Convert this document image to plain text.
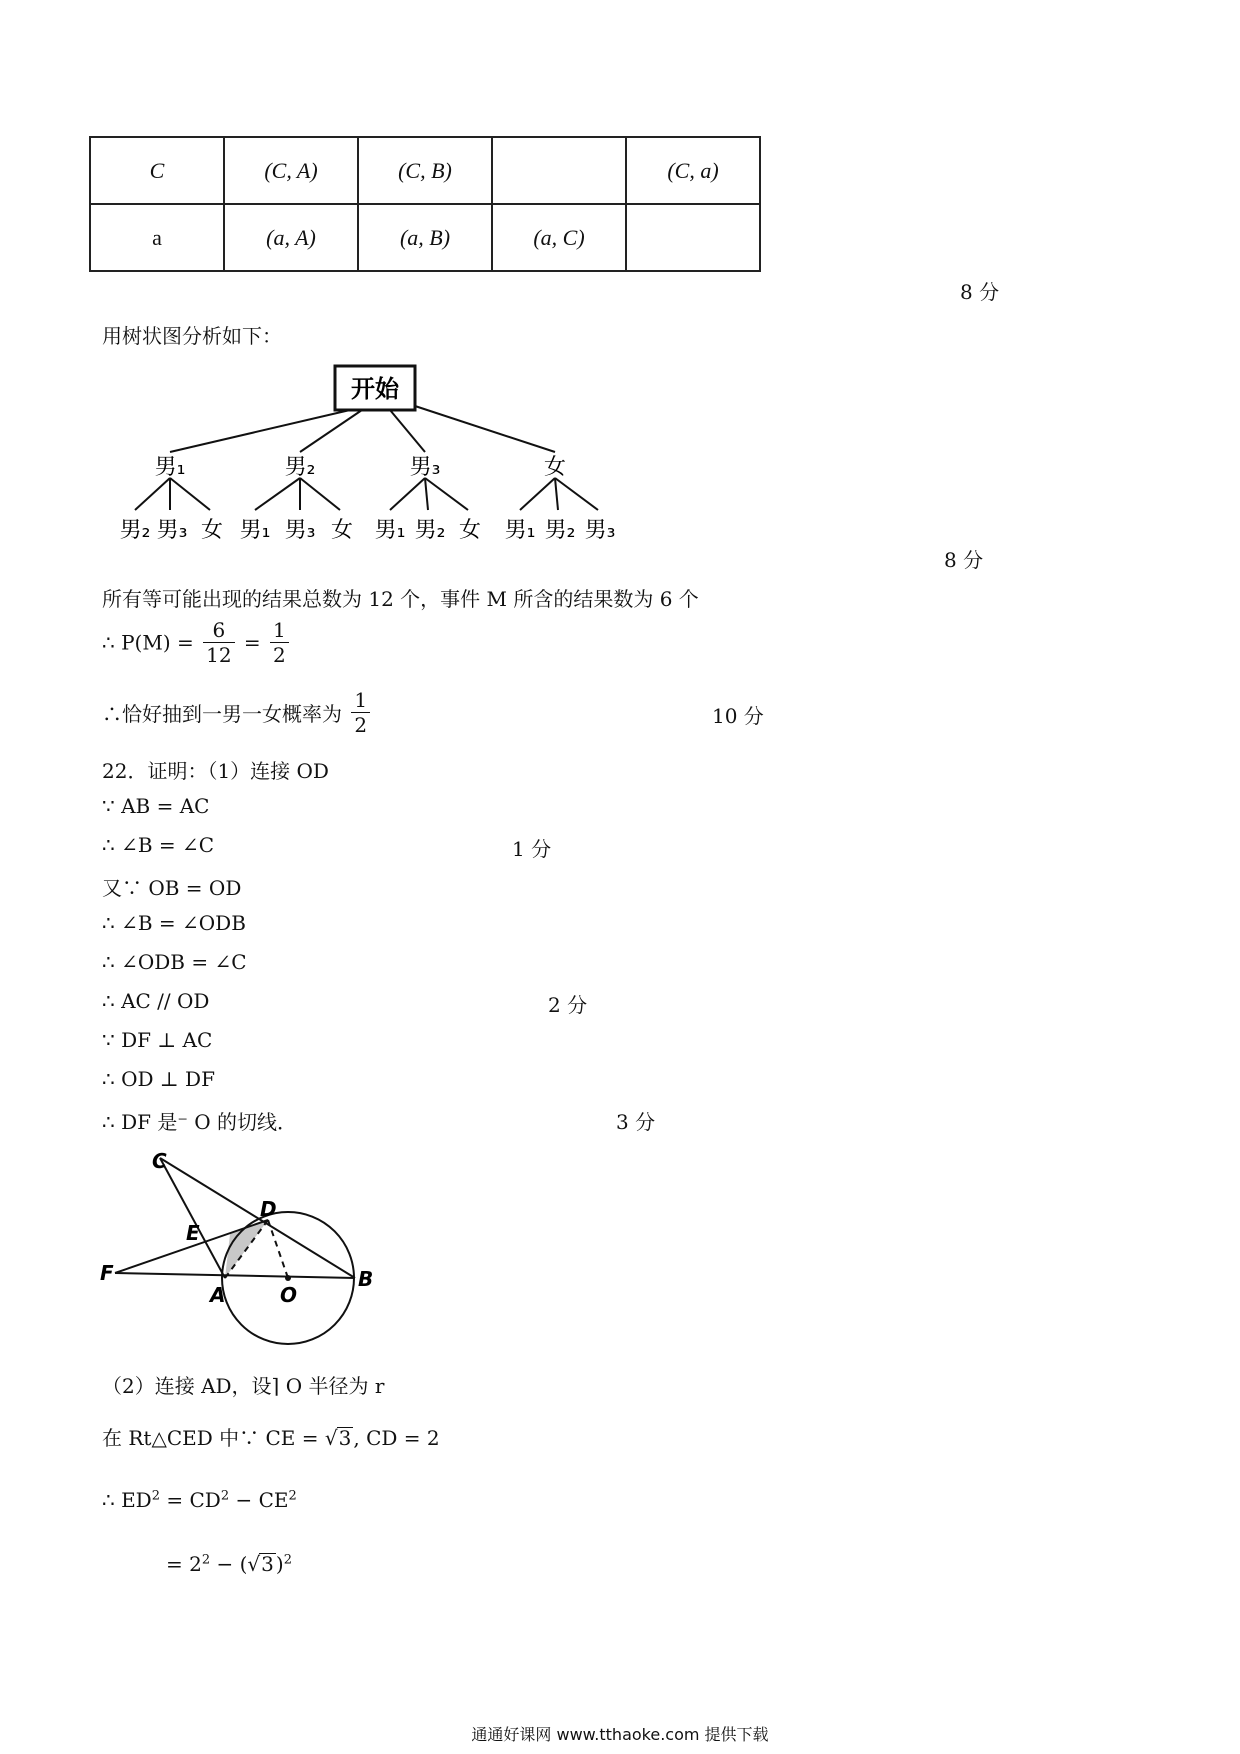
C	(C, A)	(C, B)		(C, a)
a	(a, A)	(a, B)	(a, C)	
8 分
用树状图分析如下：
开始
男₁	男₂	男₃	女
男₂ 男₃ 女 男₁ 男₃ 女 男₁ 男₂ 女 男₁ 男₂ 男₃
8 分
所有等可能出现的结果总数为 12 个，事件 M 所含的结果数为 6 个
∴ $P(M) = \frac{6}{12} = \frac{1}{2}$
∴恰好抽到一男一女概率为 $\frac{1}{2}$	10 分
22．证明：（1）连接 OD
∵ AB = AC
∴ ∠B = ∠C	1 分
又∵ OB = OD
∴ ∠B = ∠ODB
∴ ∠ODB = ∠C
∴ AC // OD	2 分
∵ DF ⊥ AC
∴ OD ⊥ DF
∴ DF 是⁻ O 的切线．	3 分
C
D
E
F
A	O
B
（2）连接 AD，设⌉ O 半径为 r
在 Rt△CED 中∵ CE = √3 , CD = 2
∴ $ED^2 = CD^2 - CE^2$
= $2^2 - (√3$ )$^2$
通通好课网 www.tthaoke.com 提供下载
